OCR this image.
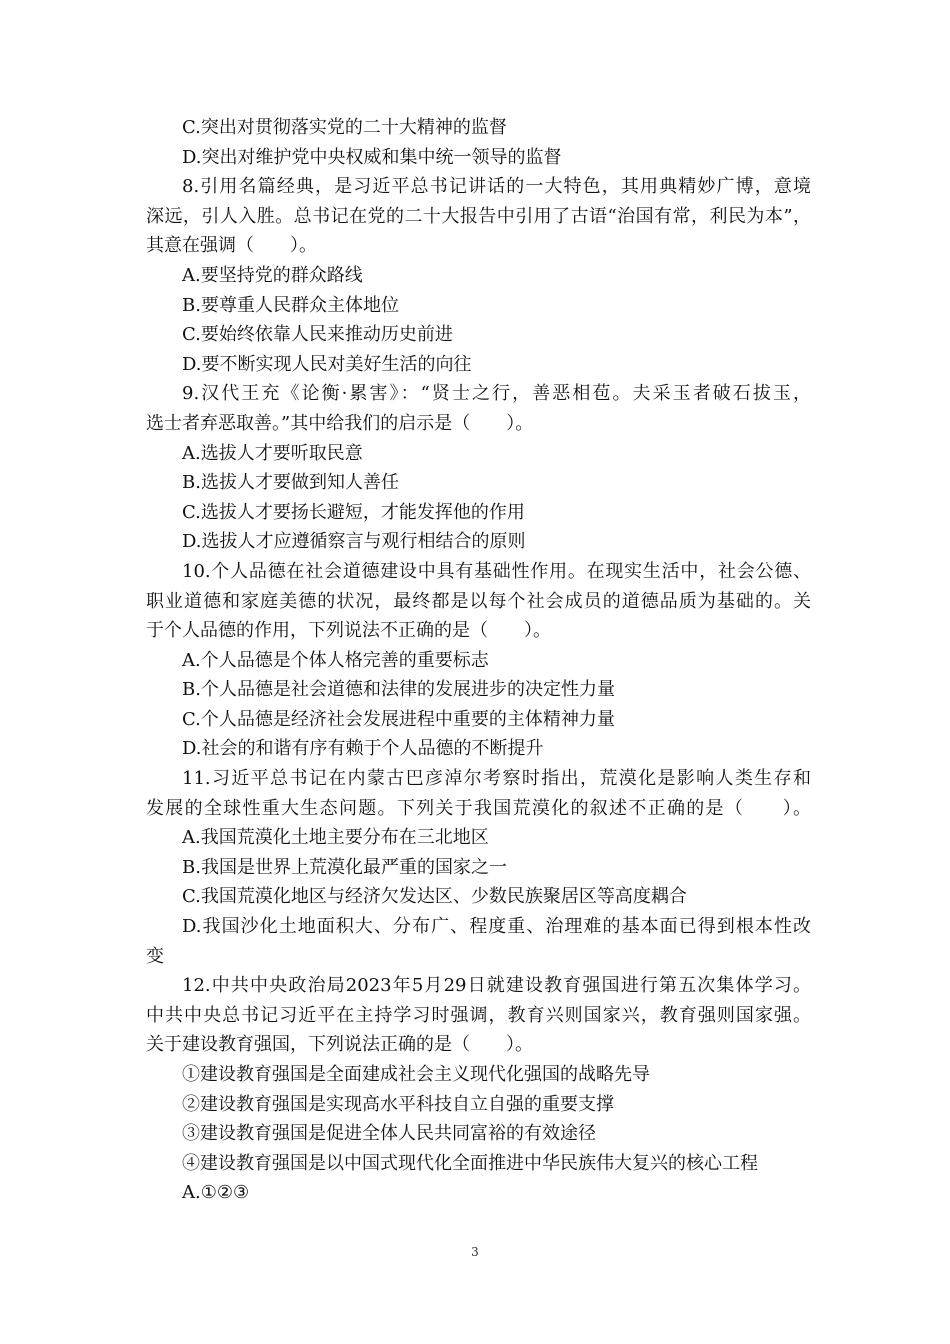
C.突出对贯彻落实党的二十大精神的监督
D.突出对维护党中央权威和集中统一领导的监督
8.引用名篇经典，是习近平总书记讲话的一大特色，其用典精妙广博，意境
深远，引人入胜。总书记在党的二十大报告中引用了古语“治国有常，利民为本”，
其意在强调（　　）。
A.要坚持党的群众路线
B.要尊重人民群众主体地位
C.要始终依靠人民来推动历史前进
D.要不断实现人民对美好生活的向往
9.汉代王充《论衡·累害》：“贤士之行，善恶相苞。夫采玉者破石拔玉，
选士者弃恶取善。”其中给我们的启示是（　　）。
A.选拔人才要听取民意
B.选拔人才要做到知人善任
C.选拔人才要扬长避短，才能发挥他的作用
D.选拔人才应遵循察言与观行相结合的原则
10.个人品德在社会道德建设中具有基础性作用。在现实生活中，社会公德、
职业道德和家庭美德的状况，最终都是以每个社会成员的道德品质为基础的。关
于个人品德的作用，下列说法不正确的是（　　）。
A.个人品德是个体人格完善的重要标志
B.个人品德是社会道德和法律的发展进步的决定性力量
C.个人品德是经济社会发展进程中重要的主体精神力量
D.社会的和谐有序有赖于个人品德的不断提升
11.习近平总书记在内蒙古巴彦淖尔考察时指出，荒漠化是影响人类生存和
发展的全球性重大生态问题。下列关于我国荒漠化的叙述不正确的是（　　）。
A.我国荒漠化土地主要分布在三北地区
B.我国是世界上荒漠化最严重的国家之一
C.我国荒漠化地区与经济欠发达区、少数民族聚居区等高度耦合
D.我国沙化土地面积大、分布广、程度重、治理难的基本面已得到根本性改
变
12.中共中央政治局2023年5月29日就建设教育强国进行第五次集体学习。
中共中央总书记习近平在主持学习时强调，教育兴则国家兴，教育强则国家强。
关于建设教育强国，下列说法正确的是（　　）。
①建设教育强国是全面建成社会主义现代化强国的战略先导
②建设教育强国是实现高水平科技自立自强的重要支撑
③建设教育强国是促进全体人民共同富裕的有效途径
④建设教育强国是以中国式现代化全面推进中华民族伟大复兴的核心工程
A.①②③
3
